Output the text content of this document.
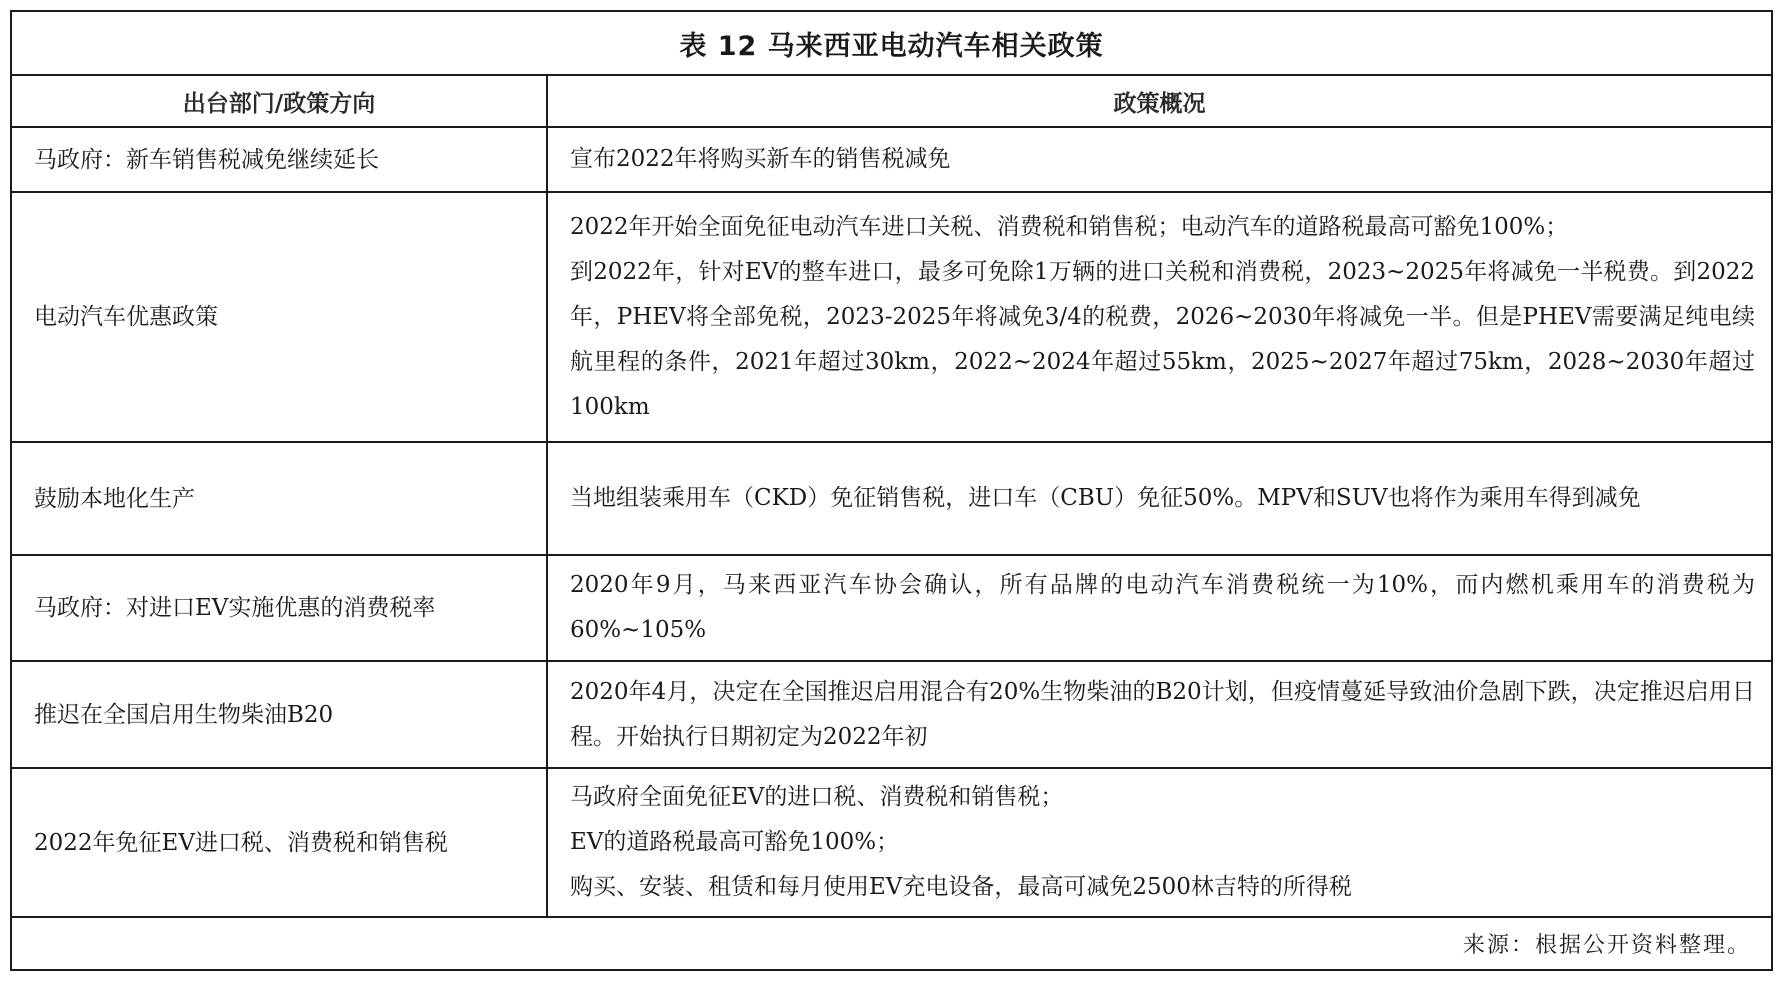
表 12 马来西亚电动汽车相关政策	
出台部门/政策方向	政策概况
马政府：新车销售税减免继续延长	宣布2022年将购买新车的销售税减免

电动汽车优惠政策	2022年开始全面免征电动汽车进口关税、消费税和销售税；电动汽车的道路税最高可豁免100%；
到2022年，针对EV的整车进口，最多可免除1万辆的进口关税和消费税，2023~2025年将减免一半税费。到2022年，PHEV将全部免税，2023-2025年将减免3/4的税费，2026~2030年将减免一半。但是PHEV需要满足纯电续航里程的条件，2021年超过30km，2022~2024年超过55km，2025~2027年超过75km，2028~2030年超过100km

鼓励本地化生产	当地组装乘用车（CKD）免征销售税，进口车（CBU）免征50%。MPV和SUV也将作为乘用车得到减免

马政府：对进口EV实施优惠的消费税率	2020年9月，马来西亚汽车协会确认，所有品牌的电动汽车消费税统一为10%，而内燃机乘用车的消费税为60%~105%

推迟在全国启用生物柴油B20	2020年4月，决定在全国推迟启用混合有20%生物柴油的B20计划，但疫情蔓延导致油价急剧下跌，决定推迟启用日程。开始执行日期初定为2022年初

2022年免征EV进口税、消费税和销售税	马政府全面免征EV的进口税、消费税和销售税；
EV的道路税最高可豁免100%；
购买、安装、租赁和每月使用EV充电设备，最高可减免2500林吉特的所得税

来源：根据公开资料整理。	
